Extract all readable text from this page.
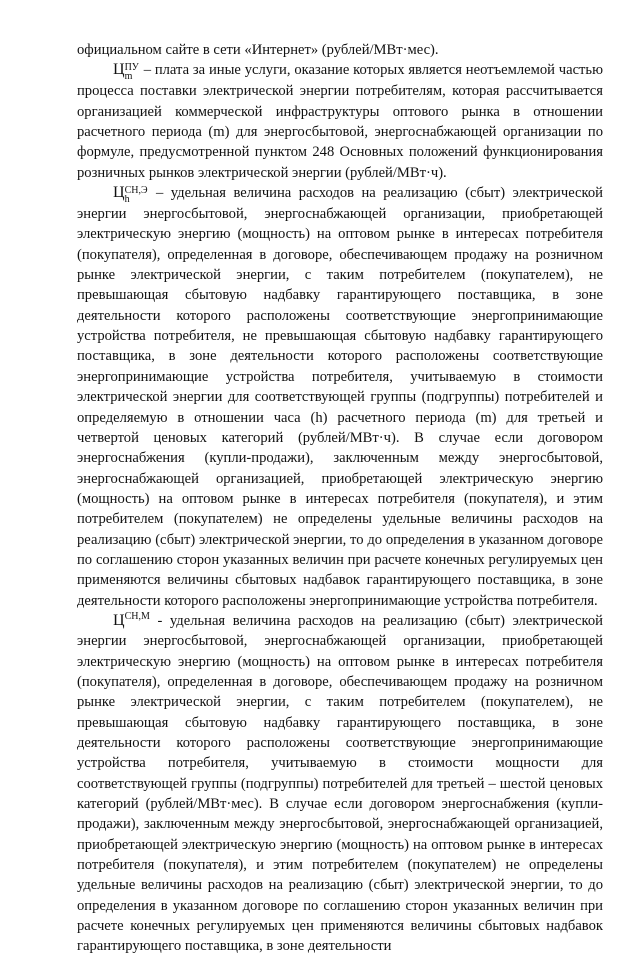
официальном сайте в сети «Интернет» (рублей/МВт·мес).

Ц ПУ
m – плата за иные услуги, оказание которых является неотъемлемой частью процесса поставки электрической энергии потребителям, которая рассчитывается организацией коммерческой инфраструктуры оптового рынка в отношении расчетного периода (m) для энергосбытовой, энергоснабжающей организации по формуле, предусмотренной пунктом 248 Основных положений функционирования розничных рынков электрической энергии (рублей/МВт·ч).

Ц СН,Э
h	– удельная величина расходов на реализацию (сбыт) электрической энергии энергосбытовой, энергоснабжающей организации, приобретающей электрическую энергию (мощность) на оптовом рынке в интересах потребителя (покупателя), определенная в договоре, обеспечивающем продажу на розничном рынке электрической энергии, с таким потребителем (покупателем), не превышающая сбытовую надбавку гарантирующего поставщика, в зоне деятельности которого расположены соответствующие энергопринимающие устройства потребителя, не превышающая сбытовую надбавку гарантирующего поставщика, в зоне деятельности которого расположены соответствующие энергопринимающие устройства потребителя, учитываемую в стоимости электрической энергии для соответствующей группы (подгруппы) потребителей и определяемую в отношении часа (h) расчетного периода (m) для третьей и четвертой ценовых категорий (рублей/МВт·ч). В случае если договором энергоснабжения (купли-продажи), заключенным между энергосбытовой, энергоснабжающей организацией, приобретающей электрическую энергию (мощность) на оптовом рынке в интересах потребителя (покупателя), и этим потребителем (покупателем) не определены удельные величины расходов на реализацию (сбыт) электрической энергии, то до определения в указанном договоре по соглашению сторон указанных величин при расчете конечных регулируемых цен применяются величины сбытовых надбавок гарантирующего поставщика, в зоне деятельности которого расположены энергопринимающие устройства потребителя.

$Ц^{СН,М}$ - удельная величина расходов на реализацию (сбыт) электрической энергии энергосбытовой, энергоснабжающей организации, приобретающей электрическую энергию (мощность) на оптовом рынке в интересах потребителя (покупателя), определенная в договоре, обеспечивающем продажу на розничном рынке электрической энергии, с таким потребителем (покупателем), не превышающая сбытовую надбавку гарантирующего поставщика, в зоне деятельности которого расположены соответствующие энергопринимающие устройства потребителя, учитываемую в стоимости мощности для соответствующей группы (подгруппы) потребителей для третьей – шестой ценовых категорий (рублей/МВт·мес). В случае если договором энергоснабжения (купли-продажи), заключенным между энергосбытовой, энергоснабжающей организацией, приобретающей электрическую энергию (мощность) на оптовом рынке в интересах потребителя (покупателя), и этим потребителем (покупателем) не определены удельные величины расходов на реализацию (сбыт) электрической энергии, то до определения в указанном договоре по соглашению сторон указанных величин при расчете конечных регулируемых цен применяются величины сбытовых надбавок гарантирующего поставщика, в зоне деятельности
